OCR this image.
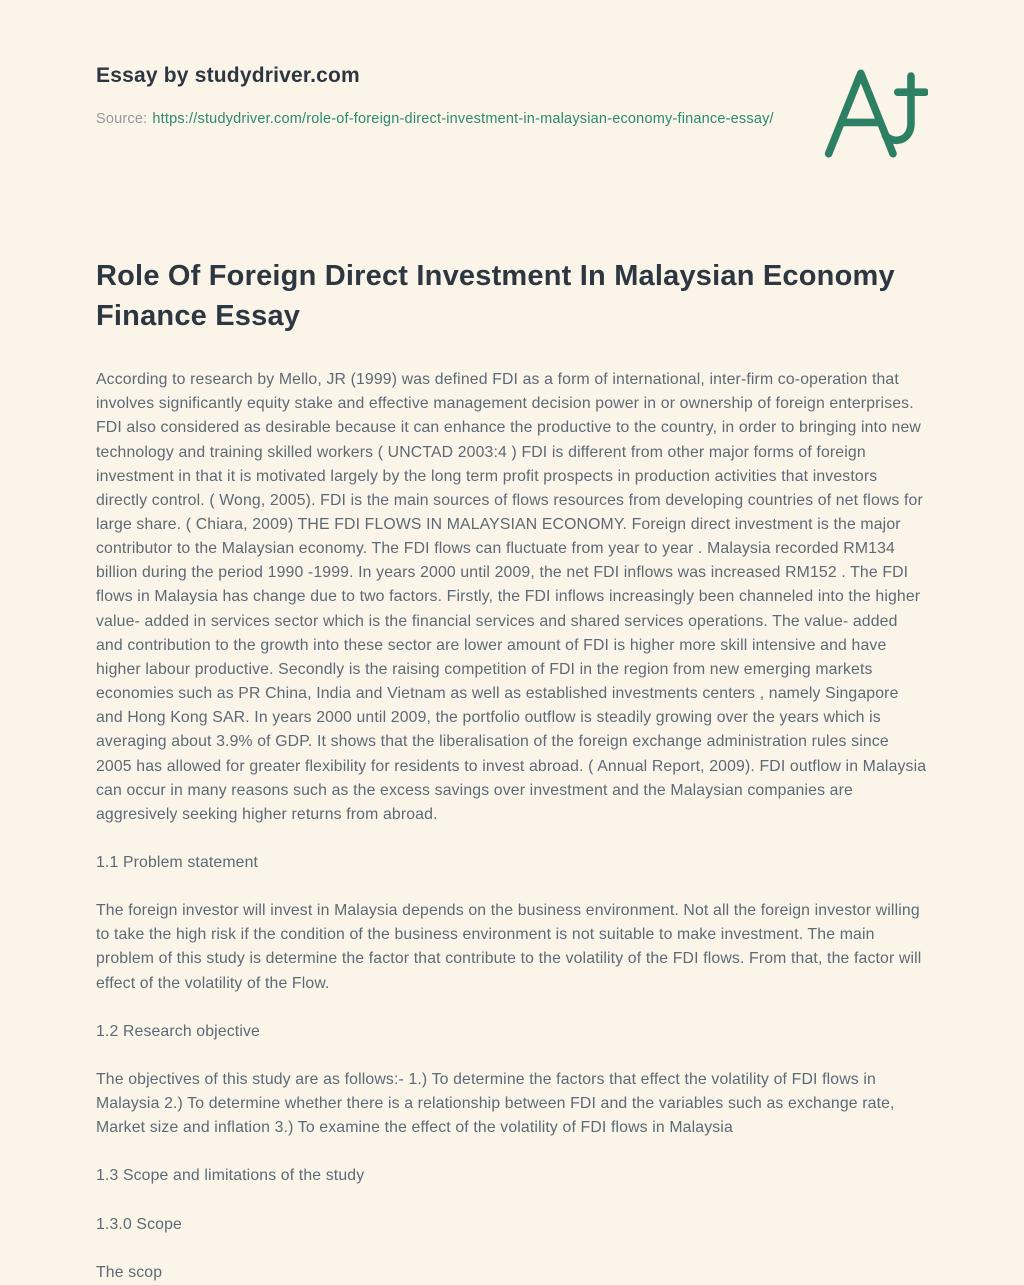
Essay by studydriver.com

Source: https://studydriver.com/role-of-foreign-direct-investment-in-malaysian-economy-finance-essay/

Role Of Foreign Direct Investment In Malaysian Economy Finance Essay

According to research by Mello, JR (1999) was defined FDI as a form of international, inter-firm co-operation that involves significantly equity stake and effective management decision power in or ownership of foreign enterprises. FDI also considered as desirable because it can enhance the productive to the country, in order to bringing into new technology and training skilled workers ( UNCTAD 2003:4 ) FDI is different from other major forms of foreign investment in that it is motivated largely by the long term profit prospects in production activities that investors directly control. ( Wong, 2005). FDI is the main sources of flows resources from developing countries of net flows for large share. ( Chiara, 2009) THE FDI FLOWS IN MALAYSIAN ECONOMY. Foreign direct investment is the major contributor to the Malaysian economy. The FDI flows can fluctuate from year to year . Malaysia recorded RM134 billion during the period 1990 -1999. In years 2000 until 2009, the net FDI inflows was increased RM152 . The FDI flows in Malaysia has change due to two factors. Firstly, the FDI inflows increasingly been channeled into the higher value- added in services sector which is the financial services and shared services operations. The value- added and contribution to the growth into these sector are lower amount of FDI is higher more skill intensive and have higher labour productive. Secondly is the raising competition of FDI in the region from new emerging markets economies such as PR China, India and Vietnam as well as established investments centers , namely Singapore and Hong Kong SAR. In years 2000 until 2009, the portfolio outflow is steadily growing over the years which is averaging about 3.9% of GDP. It shows that the liberalisation of the foreign exchange administration rules since 2005 has allowed for greater flexibility for residents to invest abroad. ( Annual Report, 2009). FDI outflow in Malaysia can occur in many reasons such as the excess savings over investment and the Malaysian companies are aggresively seeking higher returns from abroad.

1.1 Problem statement

The foreign investor will invest in Malaysia depends on the business environment. Not all the foreign investor willing to take the high risk if the condition of the business environment is not suitable to make investment. The main problem of this study is determine the factor that contribute to the volatility of the FDI flows. From that, the factor will effect of the volatility of the Flow.

1.2 Research objective

The objectives of this study are as follows:- 1.) To determine the factors that effect the volatility of FDI flows in Malaysia 2.) To determine whether there is a relationship between FDI and the variables such as exchange rate, Market size and inflation 3.) To examine the effect of the volatility of FDI flows in Malaysia

1.3 Scope and limitations of the study
1.3.0 Scope

The scop
